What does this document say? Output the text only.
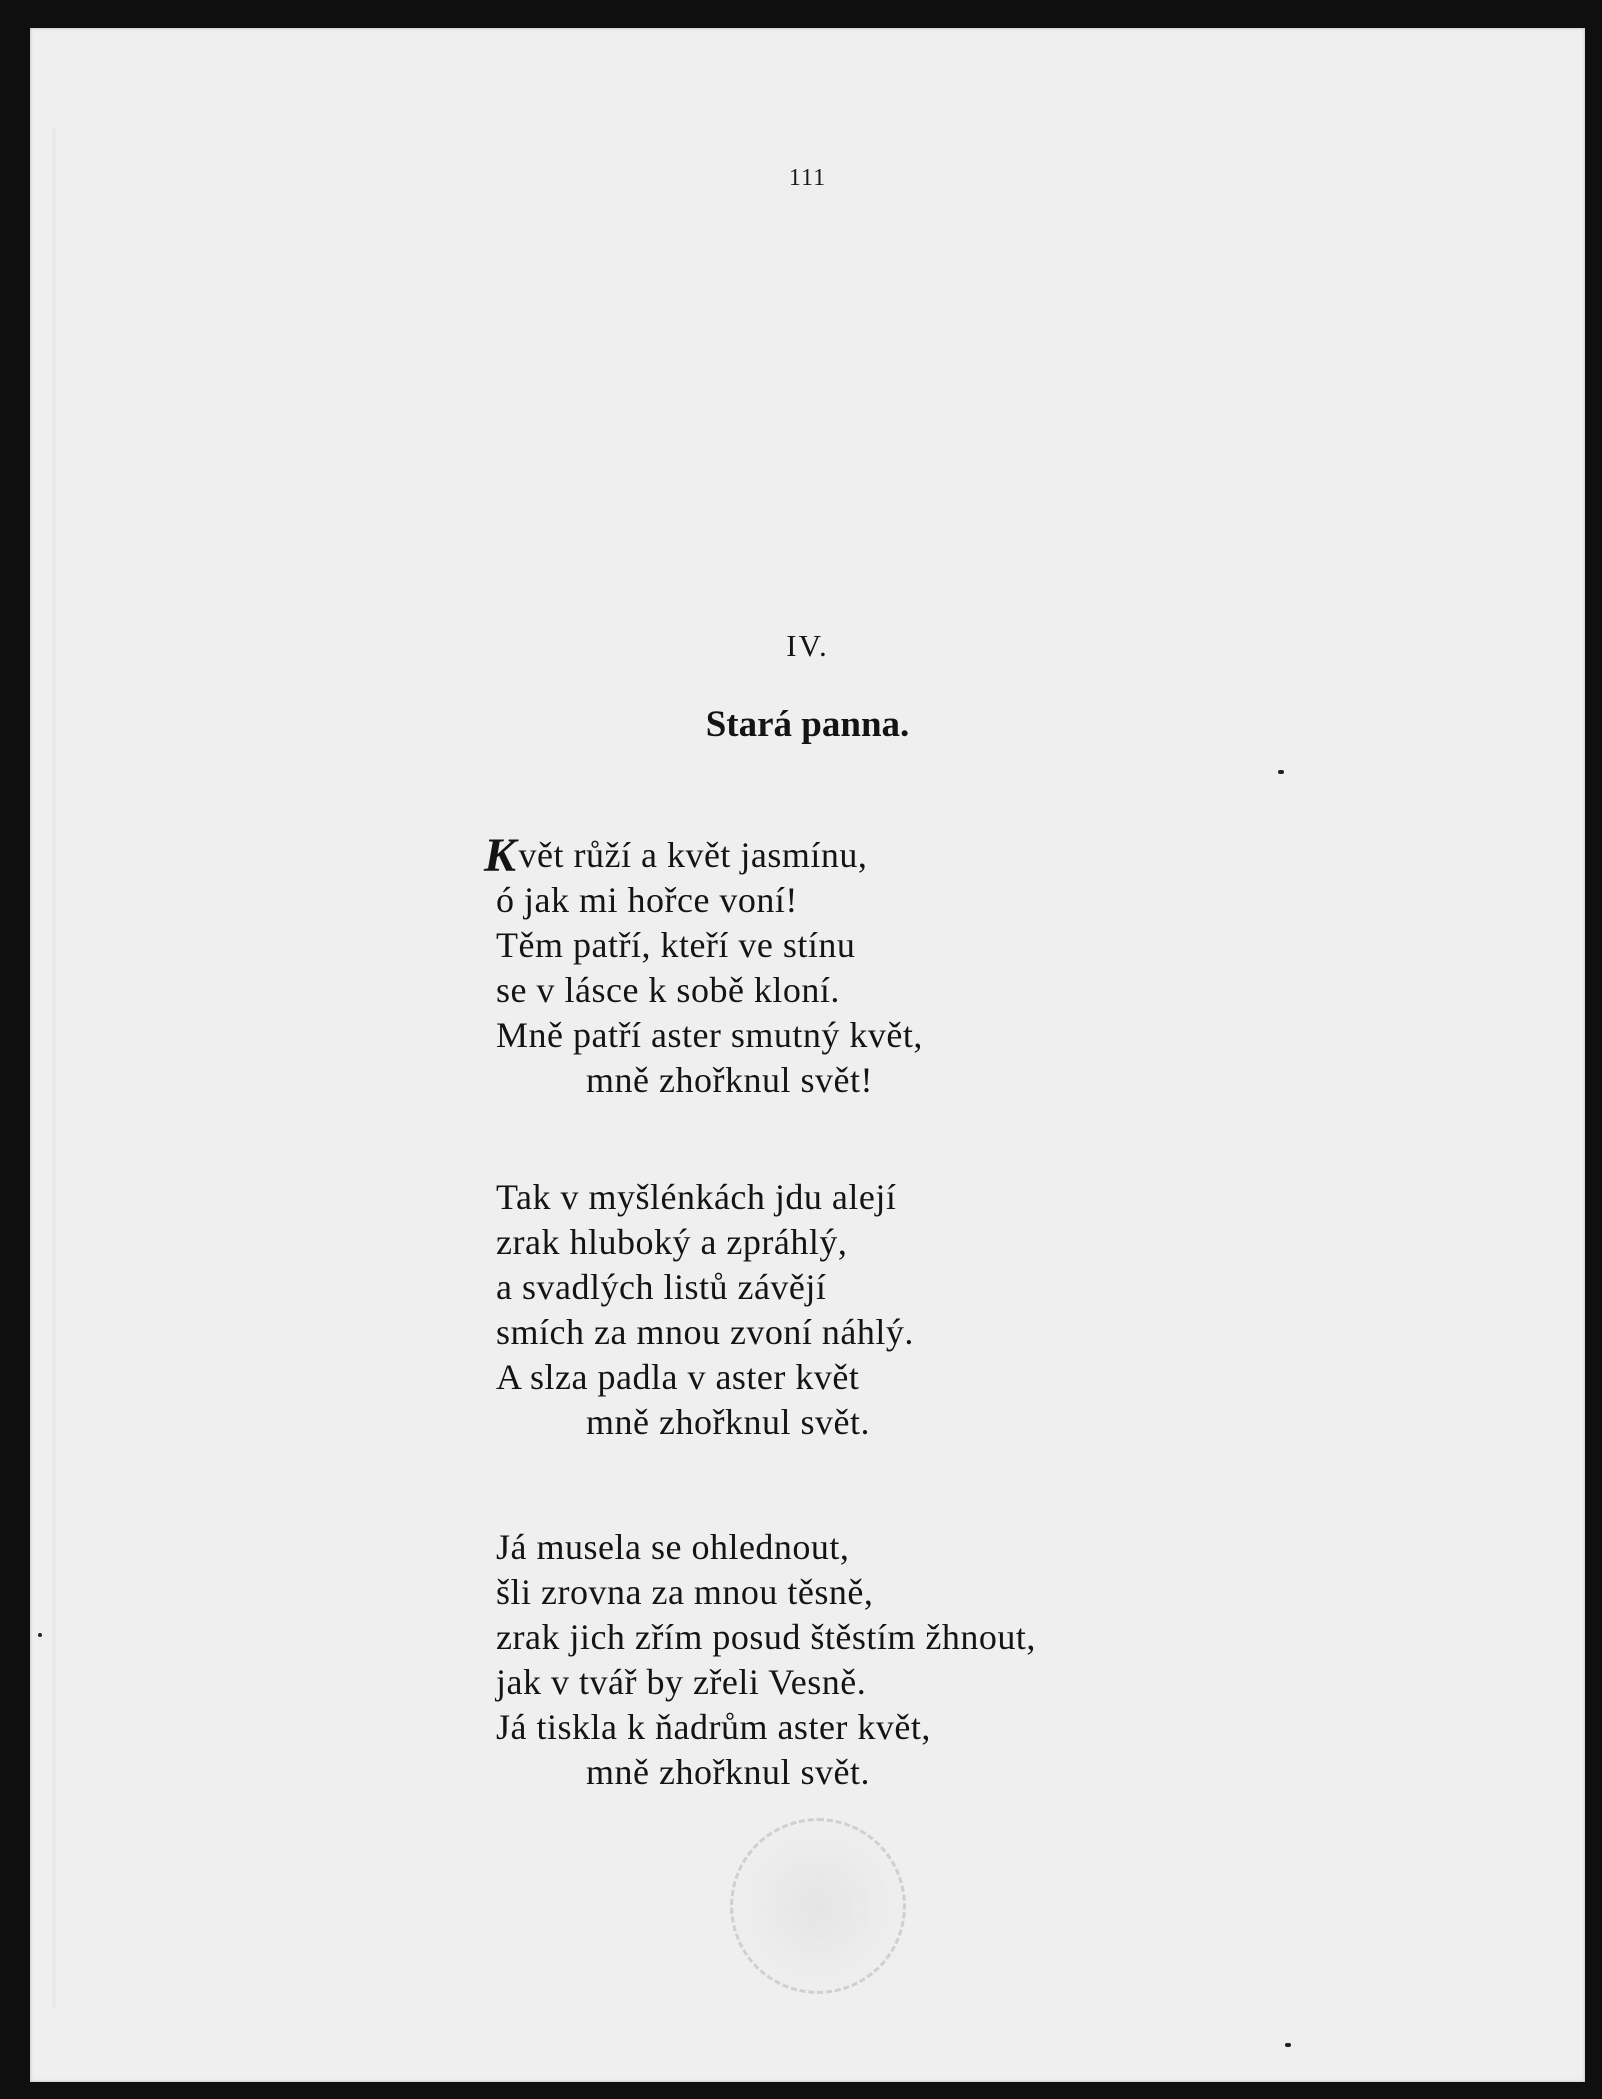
111
IV.
Stará panna.
Květ růží a květ jasmínu,
ó jak mi hořce voní!
Těm patří, kteří ve stínu
se v lásce k sobě kloní.
Mně patří aster smutný květ,
mně zhořknul svět!
Tak v myšlénkách jdu alejí
zrak hluboký a zpráhlý,
a svadlých listů závějí
smích za mnou zvoní náhlý.
A slza padla v aster květ
mně zhořknul svět.
Já musela se ohlednout,
šli zrovna za mnou těsně,
zrak jich zřím posud štěstím žhnout,
jak v tvář by zřeli Vesně.
Já tiskla k ňadrům aster květ,
mně zhořknul svět.
